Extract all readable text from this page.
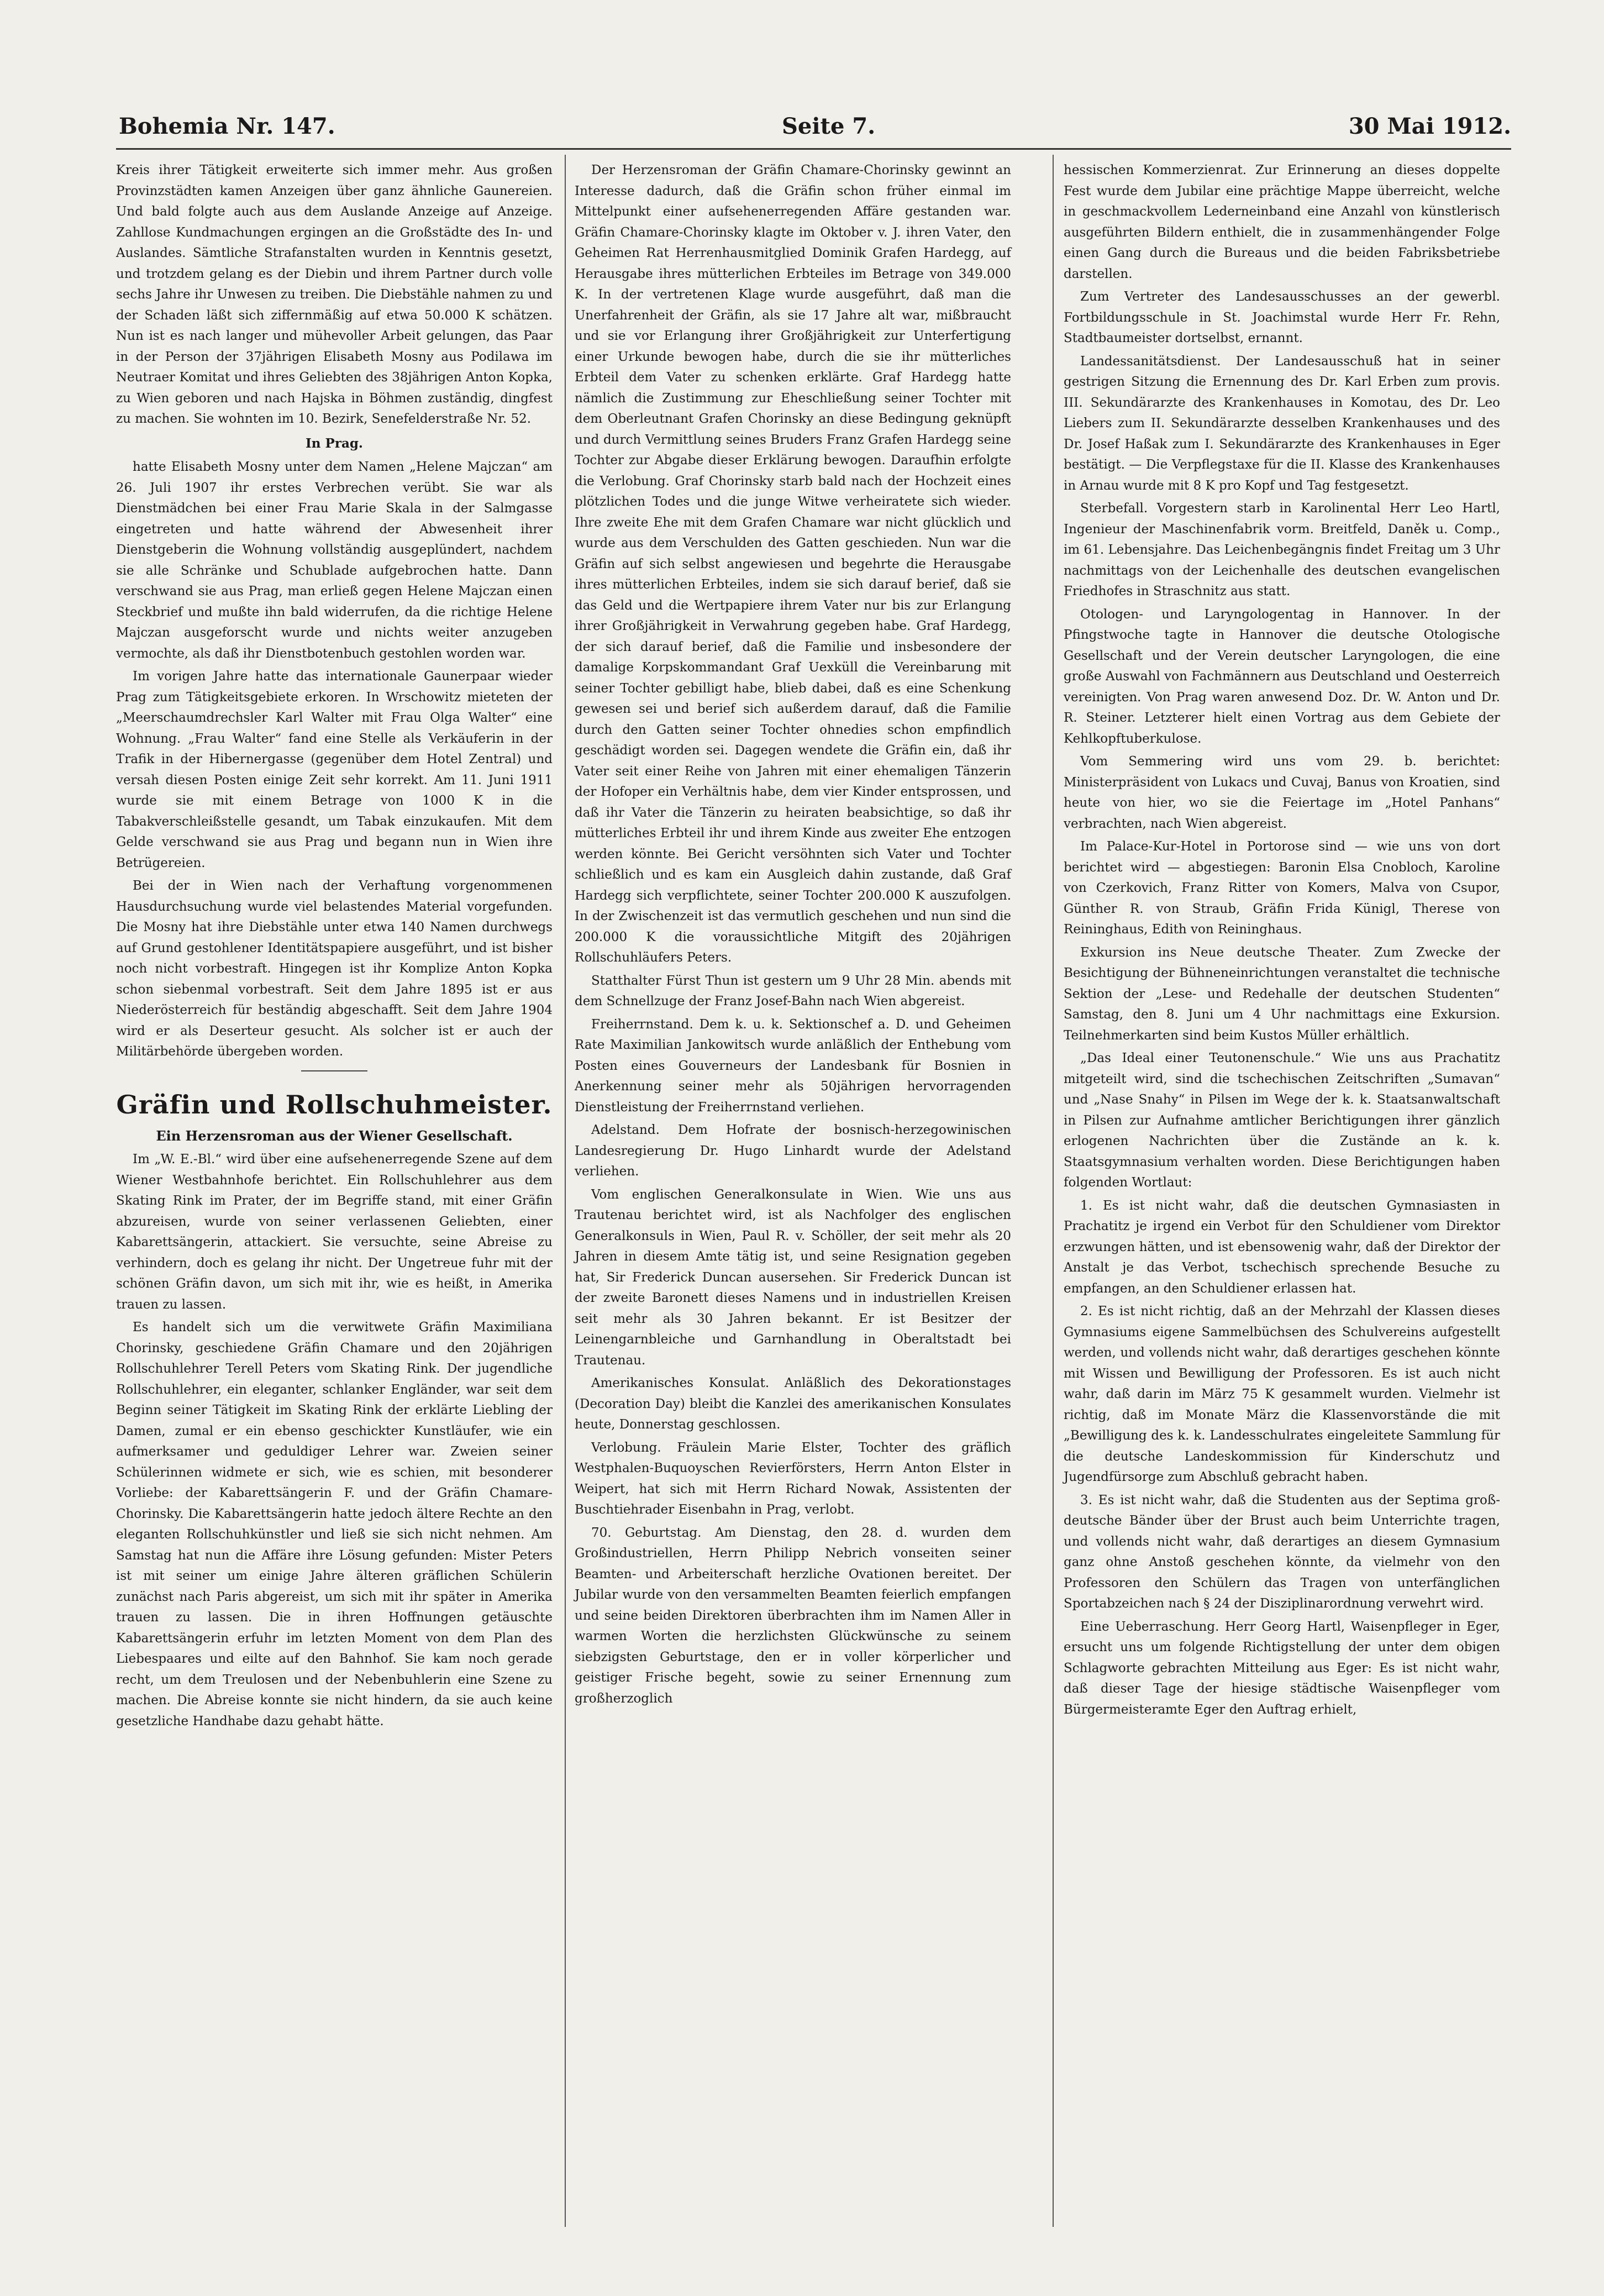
Bohemia Nr. 147.	Seite 7.	30 Mai 1912.

Kreis ihrer Tätigkeit erweiterte sich immer mehr. Aus großen Provinzstädten kamen Anzeigen über ganz ähnliche Gaunereien. Und bald folgte auch aus dem Auslande Anzeige auf Anzeige. Zahllose Kundmachungen ergingen an die Großstädte des In- und Auslandes. Sämtliche Strafanstalten wurden in Kenntnis gesetzt, und trotzdem gelang es der Diebin und ihrem Partner durch volle sechs Jahre ihr Unwesen zu treiben. Die Diebstähle nahmen zu und der Schaden läßt sich ziffernmäßig auf etwa 50.000 K schätzen. Nun ist es nach langer und mühevoller Arbeit gelungen, das Paar in der Person der 37jährigen Elisabeth Mosny aus Podilawa im Neutraer Komitat und ihres Geliebten des 38jährigen Anton Kopka, zu Wien geboren und nach Hajska in Böhmen zuständig, dingfest zu machen. Sie wohnten im 10. Bezirk, Senefelderstraße Nr. 52.

In Prag.

hatte Elisabeth Mosny unter dem Namen „Helene Majczan“ am 26. Juli 1907 ihr erstes Verbrechen verübt. Sie war als Dienstmädchen bei einer Frau Marie Skala in der Salmgasse eingetreten und hatte während der Abwesenheit ihrer Dienstgeberin die Wohnung vollständig ausgeplündert, nachdem sie alle Schränke und Schublade aufgebrochen hatte. Dann verschwand sie aus Prag, man erließ gegen Helene Majczan einen Steckbrief und mußte ihn bald widerrufen, da die richtige Helene Majczan ausgeforscht wurde und nichts weiter anzugeben vermochte, als daß ihr Dienstbotenbuch gestohlen worden war.

Im vorigen Jahre hatte das internationale Gaunerpaar wieder Prag zum Tätigkeitsgebiete erkoren. In Wrschowitz mieteten der „Meerschaumdrechsler Karl Walter mit Frau Olga Walter“ eine Wohnung. „Frau Walter“ fand eine Stelle als Verkäuferin in der Trafik in der Hibernergasse (gegenüber dem Hotel Zentral) und versah diesen Posten einige Zeit sehr korrekt. Am 11. Juni 1911 wurde sie mit einem Betrage von 1000 K in die Tabakverschleißstelle gesandt, um Tabak einzukaufen. Mit dem Gelde verschwand sie aus Prag und begann nun in Wien ihre Betrügereien.

Bei der in Wien nach der Verhaftung vorgenommenen Hausdurchsuchung wurde viel belastendes Material vorgefunden. Die Mosny hat ihre Diebstähle unter etwa 140 Namen durchwegs auf Grund gestohlener Identitätspapiere ausgeführt, und ist bisher noch nicht vorbestraft. Hingegen ist ihr Komplize Anton Kopka schon siebenmal vorbestraft. Seit dem Jahre 1895 ist er aus Niederösterreich für beständig abgeschafft. Seit dem Jahre 1904 wird er als Deserteur gesucht. Als solcher ist er auch der Militärbehörde übergeben worden.

Gräfin und Rollschuhmeister.
Ein Herzensroman aus der Wiener Gesellschaft.

Im „W. E.-Bl.“ wird über eine aufsehenerregende Szene auf dem Wiener Westbahnhofe berichtet. Ein Rollschuhlehrer aus dem Skating Rink im Prater, der im Begriffe stand, mit einer Gräfin abzureisen, wurde von seiner verlassenen Geliebten, einer Kabarettsängerin, attackiert. Sie versuchte, seine Abreise zu verhindern, doch es gelang ihr nicht. Der Ungetreue fuhr mit der schönen Gräfin davon, um sich mit ihr, wie es heißt, in Amerika trauen zu lassen.

Es handelt sich um die verwitwete Gräfin Maximiliana Chorinsky, geschiedene Gräfin Chamare und den 20jährigen Rollschuhlehrer Terell Peters vom Skating Rink. Der jugendliche Rollschuhlehrer, ein eleganter, schlanker Engländer, war seit dem Beginn seiner Tätigkeit im Skating Rink der erklärte Liebling der Damen, zumal er ein ebenso geschickter Kunstläufer, wie ein aufmerksamer und geduldiger Lehrer war. Zweien seiner Schülerinnen widmete er sich, wie es schien, mit besonderer Vorliebe: der Kabarettsängerin F. und der Gräfin Chamare-Chorinsky. Die Kabarettsängerin hatte jedoch ältere Rechte an den eleganten Rollschuhkünstler und ließ sie sich nicht nehmen. Am Samstag hat nun die Affäre ihre Lösung gefunden: Mister Peters ist mit seiner um einige Jahre älteren gräflichen Schülerin zunächst nach Paris abgereist, um sich mit ihr später in Amerika trauen zu lassen. Die in ihren Hoffnungen getäuschte Kabarettsängerin erfuhr im letzten Moment von dem Plan des Liebespaares und eilte auf den Bahnhof. Sie kam noch gerade recht, um dem Treulosen und der Nebenbuhlerin eine Szene zu machen. Die Abreise konnte sie nicht hindern, da sie auch keine gesetzliche Handhabe dazu gehabt hätte.

Der Herzensroman der Gräfin Chamare-Chorinsky gewinnt an Interesse dadurch, daß die Gräfin schon früher einmal im Mittelpunkt einer aufsehenerregenden Affäre gestanden war. Gräfin Chamare-Chorinsky klagte im Oktober v. J. ihren Vater, den Geheimen Rat Herrenhausmitglied Dominik Grafen Hardegg, auf Herausgabe ihres mütterlichen Erbteiles im Betrage von 349.000 K. In der vertretenen Klage wurde ausgeführt, daß man die Unerfahrenheit der Gräfin, als sie 17 Jahre alt war, mißbraucht und sie vor Erlangung ihrer Großjährigkeit zur Unterfertigung einer Urkunde bewogen habe, durch die sie ihr mütterliches Erbteil dem Vater zu schenken erklärte. Graf Hardegg hatte nämlich die Zustimmung zur Eheschließung seiner Tochter mit dem Oberleutnant Grafen Chorinsky an diese Bedingung geknüpft und durch Vermittlung seines Bruders Franz Grafen Hardegg seine Tochter zur Abgabe dieser Erklärung bewogen. Daraufhin erfolgte die Verlobung. Graf Chorinsky starb bald nach der Hochzeit eines plötzlichen Todes und die junge Witwe verheiratete sich wieder. Ihre zweite Ehe mit dem Grafen Chamare war nicht glücklich und wurde aus dem Verschulden des Gatten geschieden. Nun war die Gräfin auf sich selbst angewiesen und begehrte die Herausgabe ihres mütterlichen Erbteiles, indem sie sich darauf berief, daß sie das Geld und die Wertpapiere ihrem Vater nur bis zur Erlangung ihrer Großjährigkeit in Verwahrung gegeben habe. Graf Hardegg, der sich darauf berief, daß die Familie und insbesondere der damalige Korpskommandant Graf Uexküll die Vereinbarung mit seiner Tochter gebilligt habe, blieb dabei, daß es eine Schenkung gewesen sei und berief sich außerdem darauf, daß die Familie durch den Gatten seiner Tochter ohnedies schon empfindlich geschädigt worden sei. Dagegen wendete die Gräfin ein, daß ihr Vater seit einer Reihe von Jahren mit einer ehemaligen Tänzerin der Hofoper ein Verhältnis habe, dem vier Kinder entsprossen, und daß ihr Vater die Tänzerin zu heiraten beabsichtige, so daß ihr mütterliches Erbteil ihr und ihrem Kinde aus zweiter Ehe entzogen werden könnte. Bei Gericht versöhnten sich Vater und Tochter schließlich und es kam ein Ausgleich dahin zustande, daß Graf Hardegg sich verpflichtete, seiner Tochter 200.000 K auszufolgen. In der Zwischenzeit ist das vermutlich geschehen und nun sind die 200.000 K die voraussichtliche Mitgift des 20jährigen Rollschuhläufers Peters.

Statthalter Fürst Thun ist gestern um 9 Uhr 28 Min. abends mit dem Schnellzuge der Franz Josef-Bahn nach Wien abgereist.

Freiherrnstand. Dem k. u. k. Sektionschef a. D. und Geheimen Rate Maximilian Jankowitsch wurde anläßlich der Enthebung vom Posten eines Gouverneurs der Landesbank für Bosnien in Anerkennung seiner mehr als 50jährigen hervorragenden Dienstleistung der Freiherrnstand verliehen.

Adelstand. Dem Hofrate der bosnisch-herzegowinischen Landesregierung Dr. Hugo Linhardt wurde der Adelstand verliehen.

Vom englischen Generalkonsulate in Wien. Wie uns aus Trautenau berichtet wird, ist als Nachfolger des englischen Generalkonsuls in Wien, Paul R. v. Schöller, der seit mehr als 20 Jahren in diesem Amte tätig ist, und seine Resignation gegeben hat, Sir Frederick Duncan ausersehen. Sir Frederick Duncan ist der zweite Baronett dieses Namens und in industriellen Kreisen seit mehr als 30 Jahren bekannt. Er ist Besitzer der Leinengarnbleiche und Garnhandlung in Oberaltstadt bei Trautenau.

Amerikanisches Konsulat. Anläßlich des Dekorationstages (Decoration Day) bleibt die Kanzlei des amerikanischen Konsulates heute, Donnerstag geschlossen.

Verlobung. Fräulein Marie Elster, Tochter des gräflich Westphalen-Buquoyschen Revierförsters, Herrn Anton Elster in Weipert, hat sich mit Herrn Richard Nowak, Assistenten der Buschtiehrader Eisenbahn in Prag, verlobt.

70. Geburtstag. Am Dienstag, den 28. d. wurden dem Großindustriellen, Herrn Philipp Nebrich vonseiten seiner Beamten- und Arbeiterschaft herzliche Ovationen bereitet. Der Jubilar wurde von den versammelten Beamten feierlich empfangen und seine beiden Direktoren überbrachten ihm im Namen Aller in warmen Worten die herzlichsten Glückwünsche zu seinem siebzigsten Geburtstage, den er in voller körperlicher und geistiger Frische begeht, sowie zu seiner Ernennung zum großherzoglich

hessischen Kommerzienrat. Zur Erinnerung an dieses doppelte Fest wurde dem Jubilar eine prächtige Mappe überreicht, welche in geschmackvollem Lederneinband eine Anzahl von künstlerisch ausgeführten Bildern enthielt, die in zusammenhängender Folge einen Gang durch die Bureaus und die beiden Fabriksbetriebe darstellen.

Zum Vertreter des Landesausschusses an der gewerbl. Fortbildungsschule in St. Joachimstal wurde Herr Fr. Rehn, Stadtbaumeister dortselbst, ernannt.

Landessanitätsdienst. Der Landesausschuß hat in seiner gestrigen Sitzung die Ernennung des Dr. Karl Erben zum provis. III. Sekundärarzte des Krankenhauses in Komotau, des Dr. Leo Liebers zum II. Sekundärarzte desselben Krankenhauses und des Dr. Josef Haßak zum I. Sekundärarzte des Krankenhauses in Eger bestätigt. — Die Verpflegstaxe für die II. Klasse des Krankenhauses in Arnau wurde mit 8 K pro Kopf und Tag festgesetzt.

Sterbefall. Vorgestern starb in Karolinental Herr Leo Hartl, Ingenieur der Maschinenfabrik vorm. Breitfeld, Daněk u. Comp., im 61. Lebensjahre. Das Leichenbegängnis findet Freitag um 3 Uhr nachmittags von der Leichenhalle des deutschen evangelischen Friedhofes in Straschnitz aus statt.

Otologen- und Laryngologentag in Hannover. In der Pfingstwoche tagte in Hannover die deutsche Otologische Gesellschaft und der Verein deutscher Laryngologen, die eine große Auswahl von Fachmännern aus Deutschland und Oesterreich vereinigten. Von Prag waren anwesend Doz. Dr. W. Anton und Dr. R. Steiner. Letzterer hielt einen Vortrag aus dem Gebiete der Kehlkopftuberkulose.

Vom Semmering wird uns vom 29. b. berichtet: Ministerpräsident von Lukacs und Cuvaj, Banus von Kroatien, sind heute von hier, wo sie die Feiertage im „Hotel Panhans“ verbrachten, nach Wien abgereist.

Im Palace-Kur-Hotel in Portorose sind — wie uns von dort berichtet wird — abgestiegen: Baronin Elsa Cnobloch, Karoline von Czerkovich, Franz Ritter von Komers, Malva von Csupor, Günther R. von Straub, Gräfin Frida Künigl, Therese von Reininghaus, Edith von Reininghaus.

Exkursion ins Neue deutsche Theater. Zum Zwecke der Besichtigung der Bühneneinrichtungen veranstaltet die technische Sektion der „Lese- und Redehalle der deutschen Studenten“ Samstag, den 8. Juni um 4 Uhr nachmittags eine Exkursion. Teilnehmerkarten sind beim Kustos Müller erhältlich.

„Das Ideal einer Teutonenschule.“ Wie uns aus Prachatitz mitgeteilt wird, sind die tschechischen Zeitschriften „Sumavan“ und „Nase Snahy“ in Pilsen im Wege der k. k. Staatsanwaltschaft in Pilsen zur Aufnahme amtlicher Berichtigungen ihrer gänzlich erlogenen Nachrichten über die Zustände an k. k. Staatsgymnasium verhalten worden. Diese Berichtigungen haben folgenden Wortlaut:

1. Es ist nicht wahr, daß die deutschen Gymnasiasten in Prachatitz je irgend ein Verbot für den Schuldiener vom Direktor erzwungen hätten, und ist ebensowenig wahr, daß der Direktor der Anstalt je das Verbot, tschechisch sprechende Besuche zu empfangen, an den Schuldiener erlassen hat.

2. Es ist nicht richtig, daß an der Mehrzahl der Klassen dieses Gymnasiums eigene Sammelbüchsen des Schulvereins aufgestellt werden, und vollends nicht wahr, daß derartiges geschehen könnte mit Wissen und Bewilligung der Professoren. Es ist auch nicht wahr, daß darin im März 75 K gesammelt wurden. Vielmehr ist richtig, daß im Monate März die Klassenvorstände die mit „Bewilligung des k. k. Landesschulrates eingeleitete Sammlung für die deutsche Landeskommission für Kinderschutz und Jugendfürsorge zum Abschluß gebracht haben.

3. Es ist nicht wahr, daß die Studenten aus der Septima groß-deutsche Bänder über der Brust auch beim Unterrichte tragen, und vollends nicht wahr, daß derartiges an diesem Gymnasium ganz ohne Anstoß geschehen könnte, da vielmehr von den Professoren den Schülern das Tragen von unterfänglichen Sportabzeichen nach § 24 der Disziplinarordnung verwehrt wird.

Eine Ueberraschung. Herr Georg Hartl, Waisenpfleger in Eger, ersucht uns um folgende Richtigstellung der unter dem obigen Schlagworte gebrachten Mitteilung aus Eger: Es ist nicht wahr, daß dieser Tage der hiesige städtische Waisenpfleger vom Bürgermeisteramte Eger den Auftrag erhielt,
